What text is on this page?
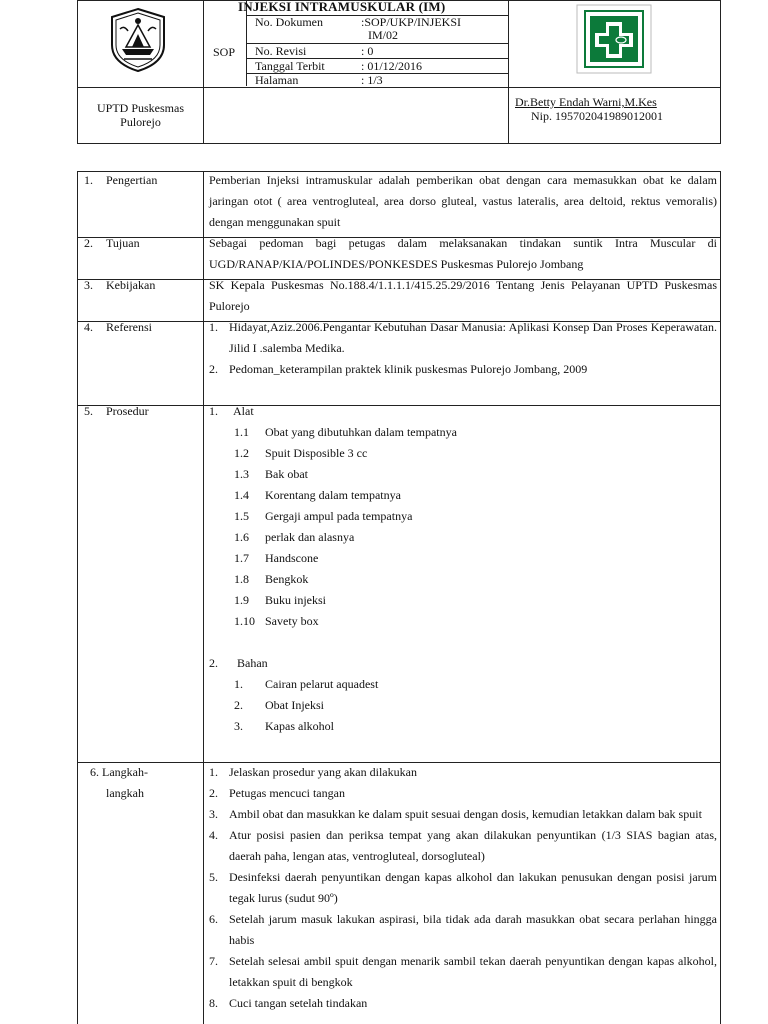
UPTD Puskesmas
Pulorejo
SOP
INJEKSI INTRAMUSKULAR (IM)
No. Dokumen	:SOP/UKP/INJEKSI
IM/02
No. Revisi	: 0
Tanggal Terbit	: 01/12/2016
Halaman	: 1/3
Dr.Betty Endah Warni,M.Kes
Nip. 195702041989012001
1. Pengertian	Pemberian Injeksi intramuskular adalah pemberikan obat dengan cara memasukkan obat ke dalam jaringan otot ( area ventrogluteal, area dorso gluteal, vastus lateralis, area deltoid, rektus vemoralis) dengan menggunakan spuit
2. Tujuan	Sebagai pedoman bagi petugas dalam melaksanakan tindakan suntik Intra Muscular di UGD/RANAP/KIA/POLINDES/PONKESDES Puskesmas Pulorejo Jombang
3. Kebijakan	SK Kepala Puskesmas No.188.4/1.1.1.1/415.25.29/2016 Tentang Jenis Pelayanan UPTD Puskesmas Pulorejo
4. Referensi	1. Hidayat,Aziz.2006.Pengantar Kebutuhan Dasar Manusia: Aplikasi Konsep Dan Proses Keperawatan. Jilid I .salemba Medika.
2. Pedoman_keterampilan praktek klinik puskesmas Pulorejo Jombang, 2009
5. Prosedur	1. Alat
1.1 Obat yang dibutuhkan dalam tempatnya
1.2 Spuit Disposible 3 cc
1.3 Bak obat
1.4 Korentang dalam tempatnya
1.5 Gergaji ampul pada tempatnya
1.6 perlak dan alasnya
1.7 Handscone
1.8 Bengkok
1.9 Buku injeksi
1.10 Savety box
2. Bahan
1. Cairan pelarut aquadest
2. Obat Injeksi
3. Kapas alkohol
6. Langkah-
langkah
1. Jelaskan prosedur yang akan dilakukan
2. Petugas mencuci tangan
3. Ambil obat dan masukkan ke dalam spuit sesuai dengan dosis, kemudian letakkan dalam bak spuit
4. Atur posisi pasien dan periksa tempat yang akan dilakukan penyuntikan (1/3 SIAS bagian atas, daerah paha, lengan atas, ventrogluteal, dorsogluteal)
5. Desinfeksi daerah penyuntikan dengan kapas alkohol dan lakukan penusukan dengan posisi jarum tegak lurus (sudut 90º)
6. Setelah jarum masuk lakukan aspirasi, bila tidak ada darah masukkan obat secara perlahan hingga habis
7. Setelah selesai ambil spuit dengan menarik sambil tekan daerah penyuntikan dengan kapas alkohol, letakkan spuit di bengkok
8. Cuci tangan setelah tindakan
